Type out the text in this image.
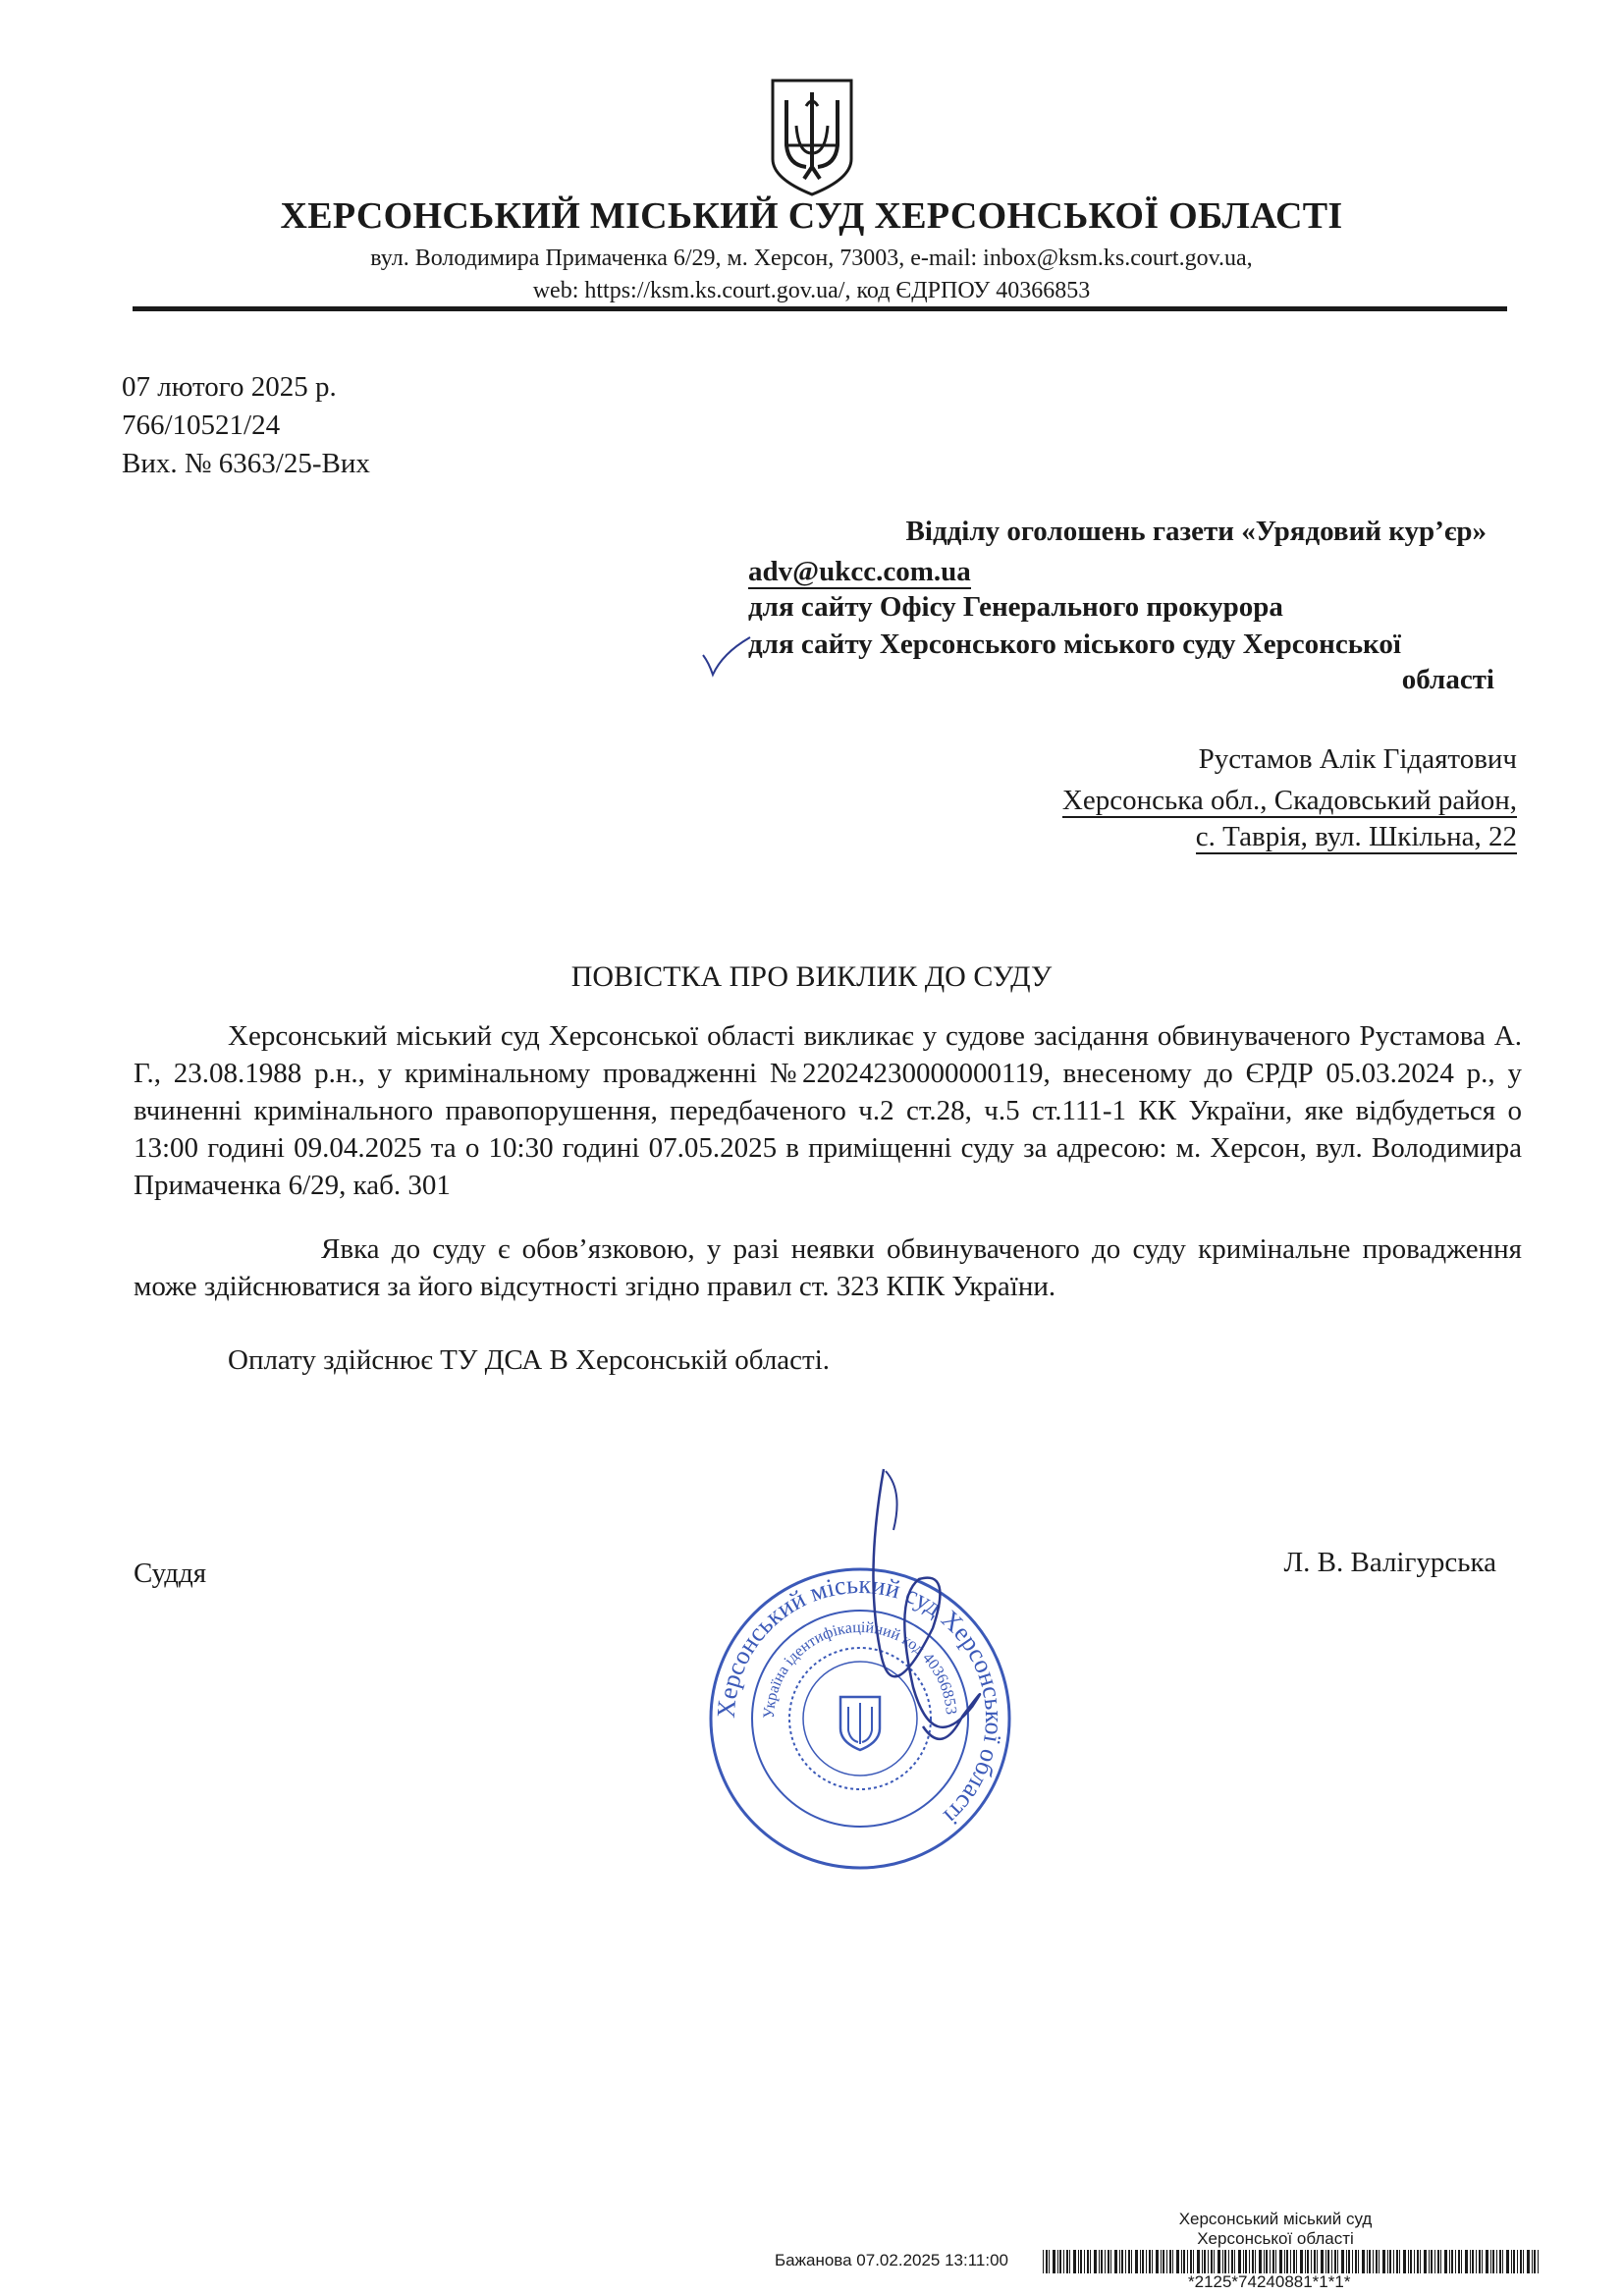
ХЕРСОНСЬКИЙ МІСЬКИЙ СУД ХЕРСОНСЬКОЇ ОБЛАСТІ
вул. Володимира Примаченка 6/29, м. Херсон, 73003, e-mail: inbox@ksm.ks.court.gov.ua,
web: https://ksm.ks.court.gov.ua/, код ЄДРПОУ 40366853
07 лютого 2025 р.
766/10521/24
Вих. № 6363/25-Вих
Відділу оголошень газети «Урядовий кур’єр»
adv@ukcc.com.ua
для сайту Офісу Генерального прокурора
для сайту Херсонського міського суду Херсонської
області
Рустамов Алік Гідаятович
Херсонська обл., Скадовський район,
с. Таврія, вул. Шкільна, 22
ПОВІСТКА ПРО ВИКЛИК ДО СУДУ
Херсонський міський суд Херсонської області викликає у судове засідання обвинуваченого Рустамова А. Г., 23.08.1988 р.н., у кримінальному провадженні №22024230000000119, внесеному до ЄРДР 05.03.2024 р., у вчиненні кримінального правопорушення, передбаченого ч.2 ст.28, ч.5 ст.111-1 КК України, яке відбудеться о 13:00 годині 09.04.2025 та о 10:30 годині 07.05.2025 в приміщенні суду за адресою: м. Херсон, вул. Володимира Примаченка 6/29, каб. 301
Явка до суду є обов’язковою, у разі неявки обвинуваченого до суду кримінальне провадження може здійснюватися за його відсутності згідно правил ст. 323 КПК України.
Оплату здійснює ТУ ДСА В Херсонській області.
Суддя	Л. В. Валігурська
Херсонський міський суд Херсонської області
Україна ідентифікаційний код 40366853
Херсонський міський суд
Херсонської області
Бажанова 07.02.2025 13:11:00
*2125*74240881*1*1*
